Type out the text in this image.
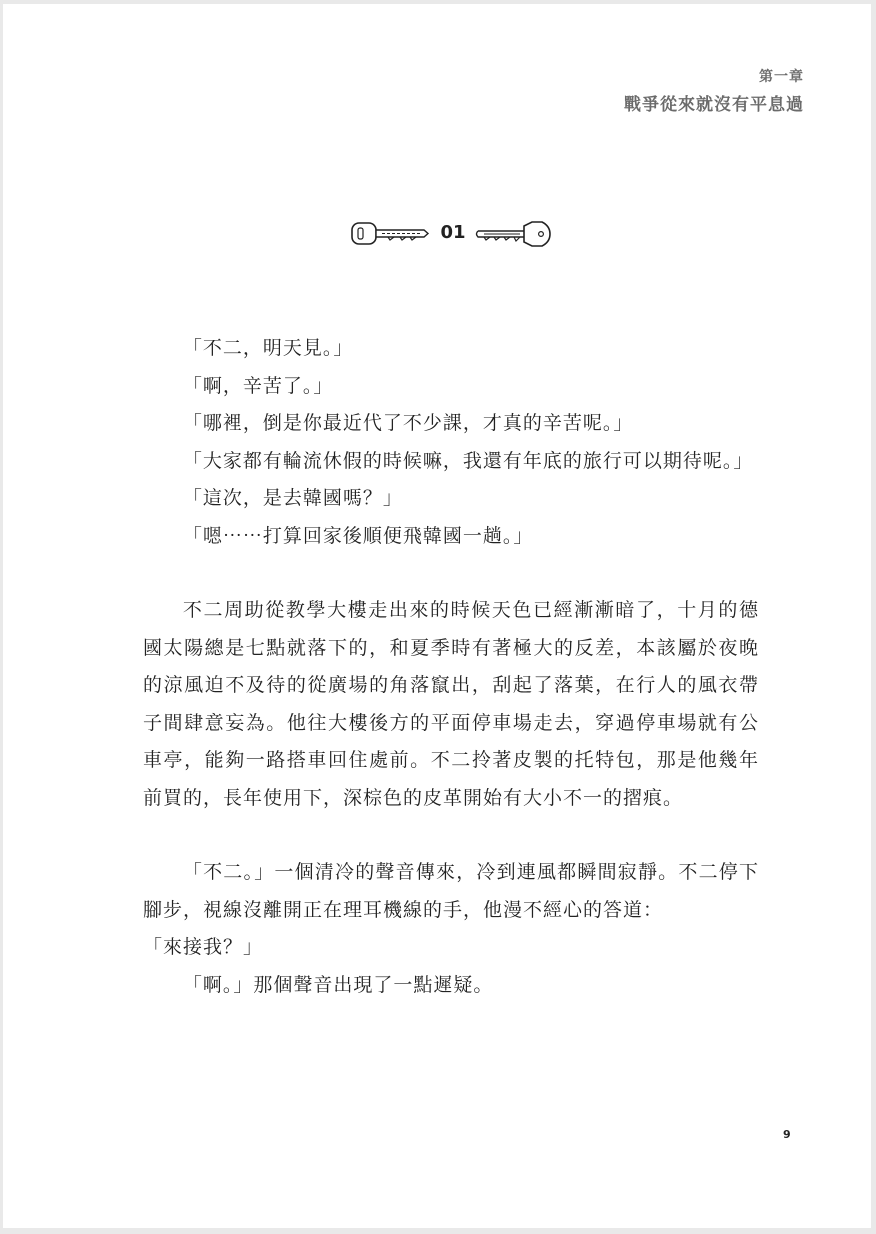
第一章
戰爭從來就沒有平息過
01

「不二，明天見。」

「啊，辛苦了。」

「哪裡，倒是你最近代了不少課，才真的辛苦呢。」

「大家都有輪流休假的時候嘛，我還有年底的旅行可以期待呢。」

「這次，是去韓國嗎？」

「嗯⋯⋯打算回家後順便飛韓國一趟。」

不二周助從教學大樓走出來的時候天色已經漸漸暗了，十月的德國太陽總是七點就落下的，和夏季時有著極大的反差，本該屬於夜晚的涼風迫不及待的從廣場的角落竄出，刮起了落葉，在行人的風衣帶子間肆意妄為。他往大樓後方的平面停車場走去，穿過停車場就有公車亭，能夠一路搭車回住處前。不二拎著皮製的托特包，那是他幾年前買的，長年使用下，深棕色的皮革開始有大小不一的摺痕。

「不二。」一個清冷的聲音傳來，冷到連風都瞬間寂靜。不二停下腳步，視線沒離開正在理耳機線的手，他漫不經心的答道：

「來接我？」

「啊。」那個聲音出現了一點遲疑。

9
